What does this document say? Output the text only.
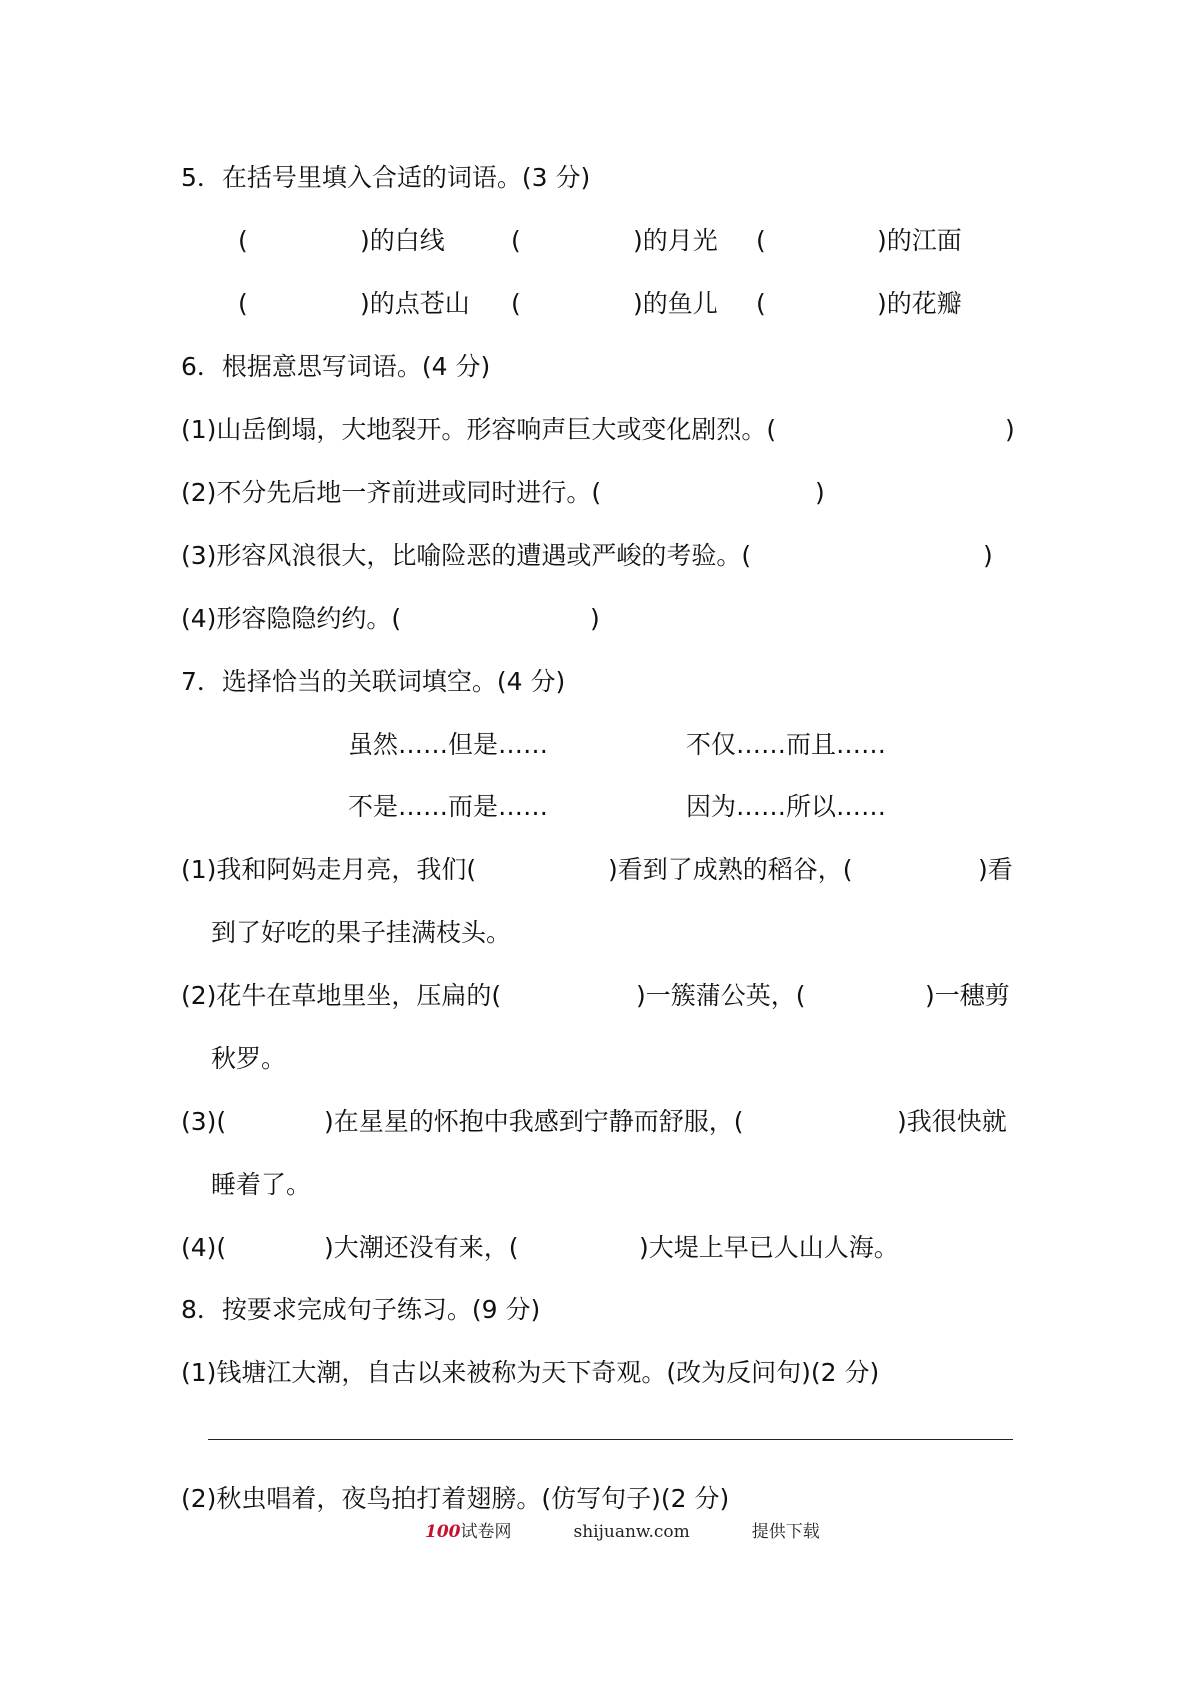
5．在括号里填入合适的词语。(3 分)
(	)的白线	(	)的月光 (	)的江面
(	)的点苍山 (	)的鱼儿 (	)的花瓣
6．根据意思写词语。(4 分)
(1)山岳倒塌，大地裂开。形容响声巨大或变化剧烈。(	)
(2)不分先后地一齐前进或同时进行。(	)
(3)形容风浪很大，比喻险恶的遭遇或严峻的考验。(	)
(4)形容隐隐约约。(	)
7．选择恰当的关联词填空。(4 分)
虽然……但是……	不仅……而且……
不是……而是……	因为……所以……
(1)我和阿妈走月亮，我们(	)看到了成熟的稻谷，(	)看
到了好吃的果子挂满枝头。
(2)花牛在草地里坐，压扁的(	)一簇蒲公英，(	)一穗剪
秋罗。
(3)(	)在星星的怀抱中我感到宁静而舒服，(	)我很快就
睡着了。
(4)(	)大潮还没有来，(	)大堤上早已人山人海。
8．按要求完成句子练习。(9 分)
(1)钱塘江大潮，自古以来被称为天下奇观。(改为反问句)(2 分)
(2)秋虫唱着，夜鸟拍打着翅膀。(仿写句子)(2 分)
100试卷网	shijuanw.com	提供下载
